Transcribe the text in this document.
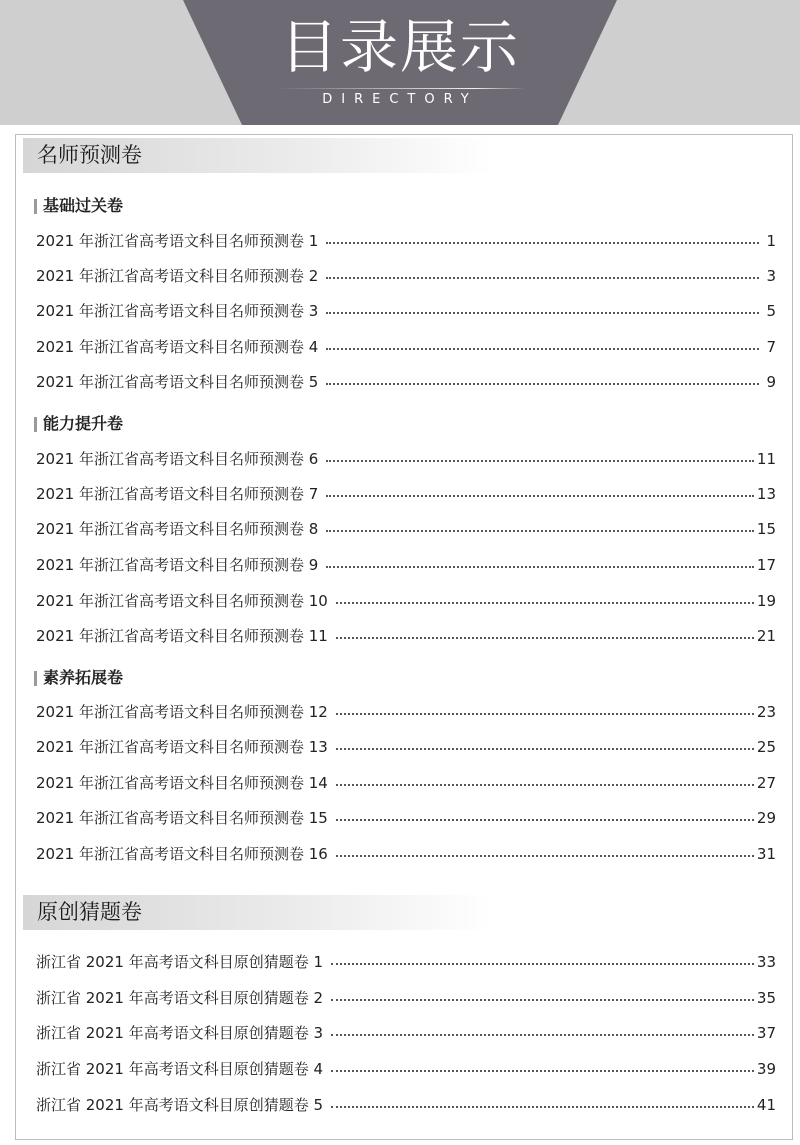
目录展示
DIRECTORY
名师预测卷
基础过关卷
2021 年浙江省高考语文科目名师预测卷 1	1
2021 年浙江省高考语文科目名师预测卷 2	3
2021 年浙江省高考语文科目名师预测卷 3	5
2021 年浙江省高考语文科目名师预测卷 4	7
2021 年浙江省高考语文科目名师预测卷 5	9
能力提升卷
2021 年浙江省高考语文科目名师预测卷 6	11
2021 年浙江省高考语文科目名师预测卷 7	13
2021 年浙江省高考语文科目名师预测卷 8	15
2021 年浙江省高考语文科目名师预测卷 9	17
2021 年浙江省高考语文科目名师预测卷 10	19
2021 年浙江省高考语文科目名师预测卷 11	21
素养拓展卷
2021 年浙江省高考语文科目名师预测卷 12	23
2021 年浙江省高考语文科目名师预测卷 13	25
2021 年浙江省高考语文科目名师预测卷 14	27
2021 年浙江省高考语文科目名师预测卷 15	29
2021 年浙江省高考语文科目名师预测卷 16	31
原创猜题卷
浙江省 2021 年高考语文科目原创猜题卷 1	33
浙江省 2021 年高考语文科目原创猜题卷 2	35
浙江省 2021 年高考语文科目原创猜题卷 3	37
浙江省 2021 年高考语文科目原创猜题卷 4	39
浙江省 2021 年高考语文科目原创猜题卷 5	41
